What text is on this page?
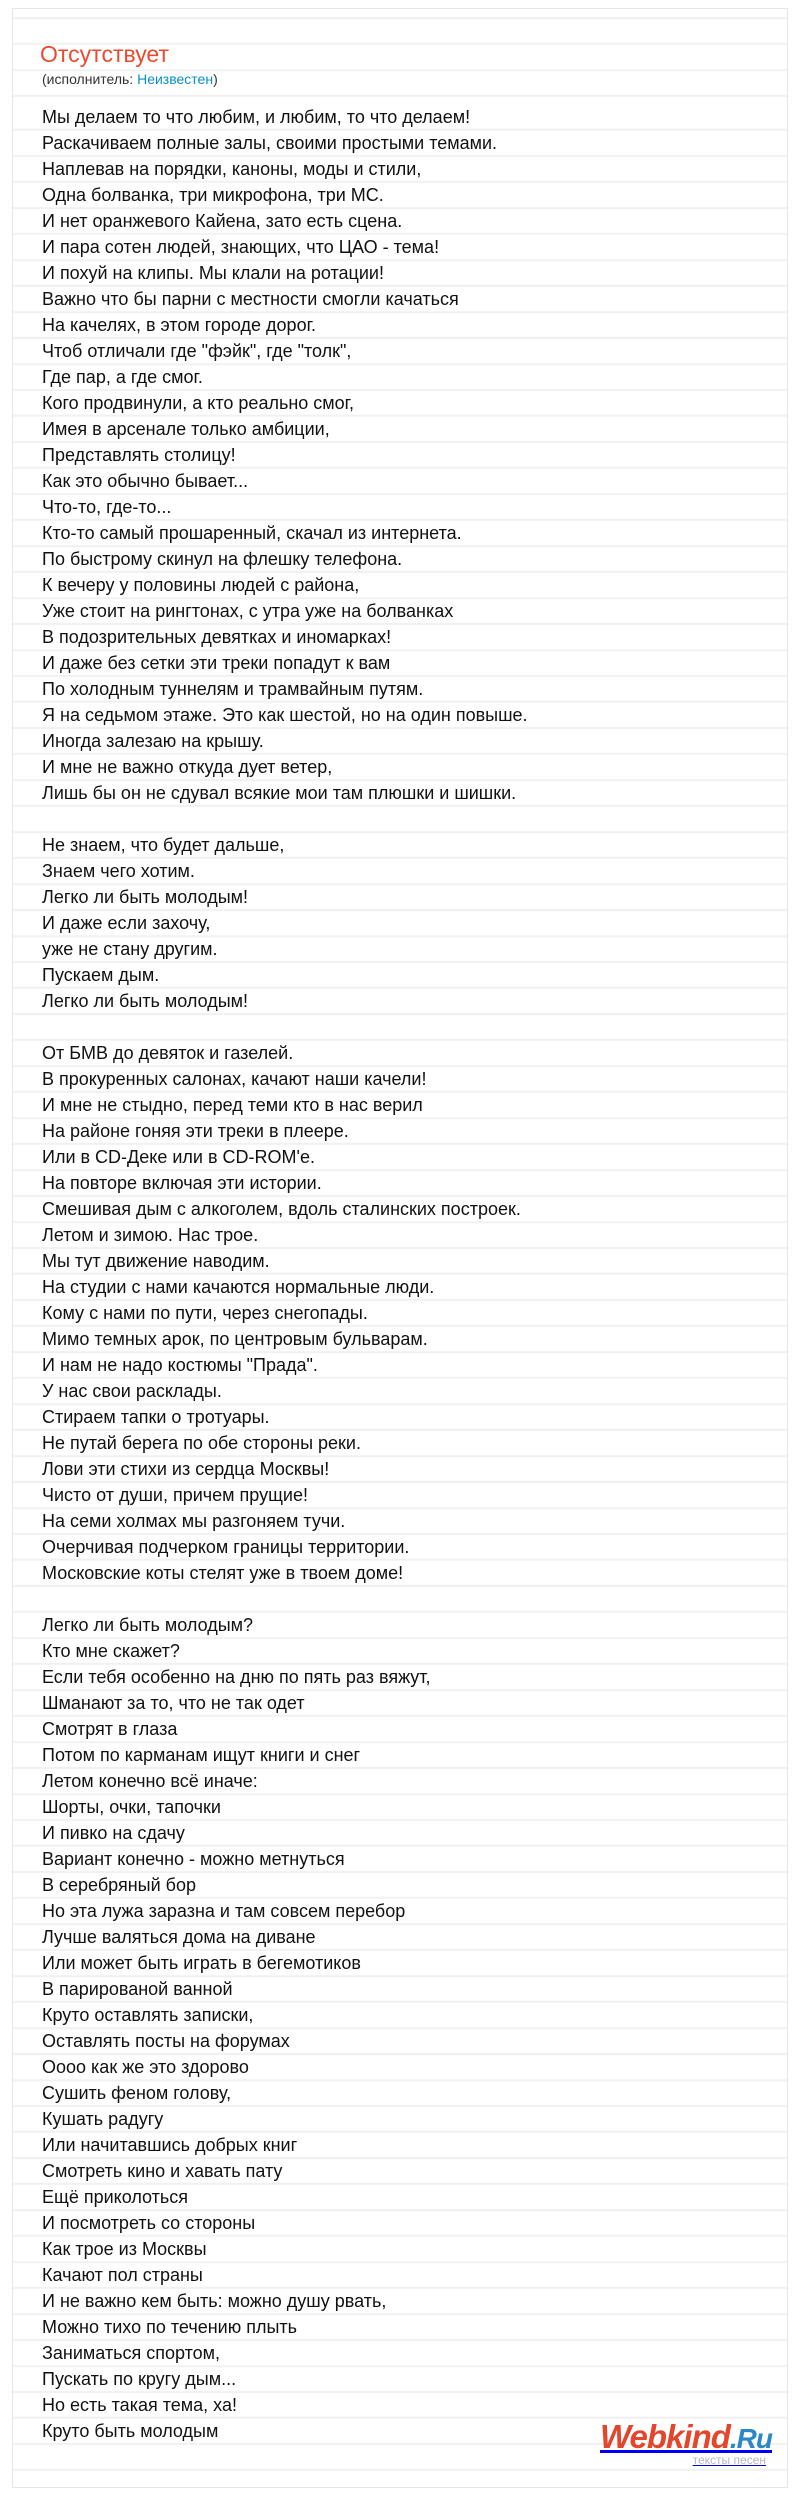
Отсутствует
(исполнитель: Неизвестен)
Мы делаем то что любим, и любим, то что делаем!
Раскачиваем полные залы, своими простыми темами.
Наплевав на порядки, каноны, моды и стили,
Одна болванка, три микрофона, три МС.
И нет оранжевого Кайена, зато есть сцена.
И пара сотен людей, знающих, что ЦАО - тема!
И похуй на клипы. Мы клали на ротации!
Важно что бы парни с местности смогли качаться
На качелях, в этом городе дорог.
Чтоб отличали где "фэйк", где "толк",
Где пар, а где смог.
Кого продвинули, а кто реально смог,
Имея в арсенале только амбиции,
Представлять столицу!
Как это обычно бывает...
Что-то, где-то...
Кто-то самый прошаренный, скачал из интернета.
По быстрому скинул на флешку телефона.
К вечеру у половины людей с района,
Уже стоит на рингтонах, с утра уже на болванках
В подозрительных девятках и иномарках!
И даже без сетки эти треки попадут к вам
По холодным туннелям и трамвайным путям.
Я на седьмом этаже. Это как шестой, но на один повыше.
Иногда залезаю на крышу.
И мне не важно откуда дует ветер,
Лишь бы он не сдувал всякие мои там плюшки и шишки.
Не знаем, что будет дальше,
Знаем чего хотим.
Легко ли быть молодым!
И даже если захочу,
уже не стану другим.
Пускаем дым.
Легко ли быть молодым!
От БМВ до девяток и газелей.
В прокуренных салонах, качают наши качели!
И мне не стыдно, перед теми кто в нас верил
На районе гоняя эти треки в плеере.
Или в CD-Деке или в CD-ROM'е.
На повторе включая эти истории.
Смешивая дым с алкоголем, вдоль сталинских построек.
Летом и зимою. Нас трое.
Мы тут движение наводим.
На студии с нами качаются нормальные люди.
Кому с нами по пути, через снегопады.
Мимо темных арок, по центровым бульварам.
И нам не надо костюмы "Прада".
У нас свои расклады.
Стираем тапки о тротуары.
Не путай берега по обе стороны реки.
Лови эти стихи из сердца Москвы!
Чисто от души, причем прущие!
На семи холмах мы разгоняем тучи.
Очерчивая подчерком границы территории.
Московские коты стелят уже в твоем доме!
Легко ли быть молодым?
Кто мне скажет?
Если тебя особенно на дню по пять раз вяжут,
Шманают за то, что не так одет
Смотрят в глаза
Потом по карманам ищут книги и снег
Летом конечно всё иначе:
Шорты, очки, тапочки
И пивко на сдачу
Вариант конечно - можно метнуться
В серебряный бор
Но эта лужа заразна и там совсем перебор
Лучше валяться дома на диване
Или может быть играть в бегемотиков
В парированой ванной
Круто оставлять записки,
Оставлять посты на форумах
Оооо как же это здорово
Сушить феном голову,
Кушать радугу
Или начитавшись добрых книг
Смотреть кино и хавать пату
Ещё приколоться
И посмотреть со стороны
Как трое из Москвы
Качают пол страны
И не важно кем быть: можно душу рвать,
Можно тихо по течению плыть
Заниматься спортом,
Пускать по кругу дым...
Но есть такая тема, ха!
Круто быть молодым	Webkind.Ru
тексты песен
